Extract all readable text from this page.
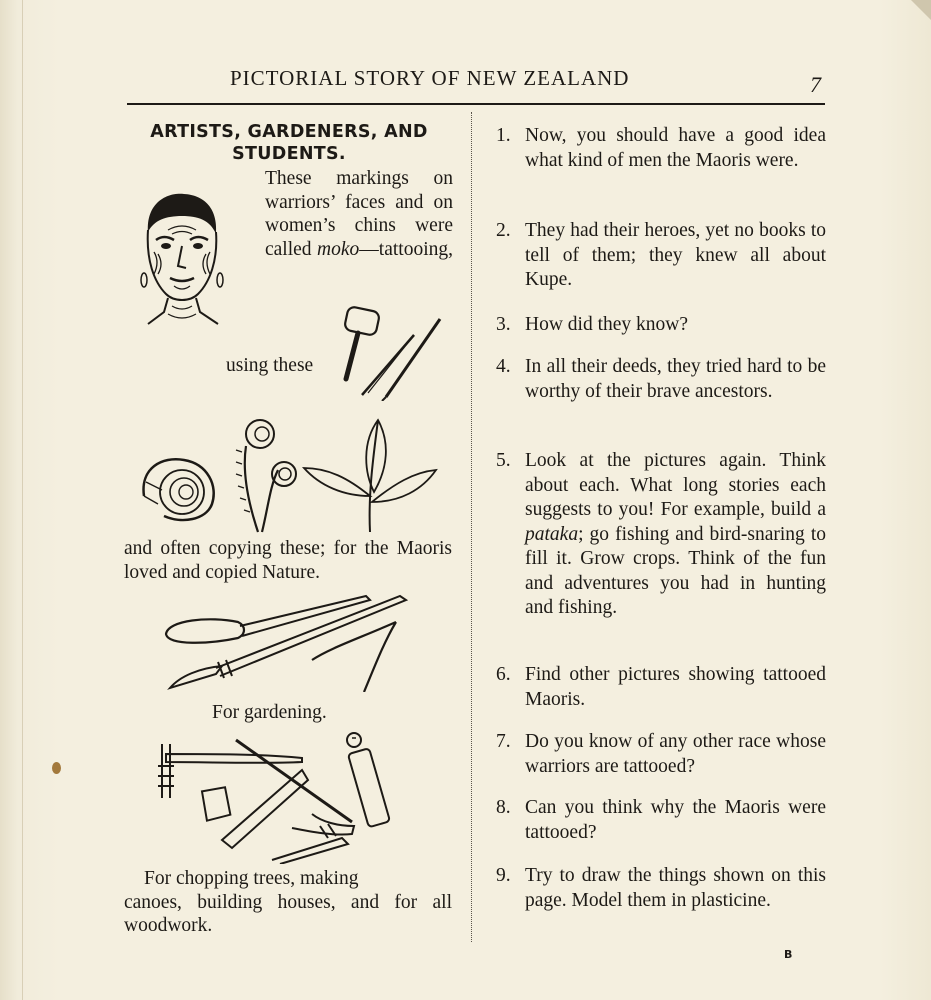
PICTORIAL STORY OF NEW ZEALAND	7
ARTISTS, GARDENERS, AND
STUDENTS.
These markings on warriors’ faces and on women’s chins were called moko—tattooing,
using these
and often copying these; for the Maoris loved and copied Nature.
For gardening.
For chopping trees, making
canoes, building houses, and for all woodwork.
1. Now, you should have a good idea what kind of men the Maoris were.
2. They had their heroes, yet no books to tell of them; they knew all about Kupe.
3. How did they know?
4. In all their deeds, they tried hard to be worthy of their brave ancestors.
5. Look at the pictures again. Think about each. What long stories each suggests to you! For example, build a pataka; go fishing and bird-snaring to fill it. Grow crops. Think of the fun and adventures you had in hunting and fishing.
6. Find other pictures showing tattooed Maoris.
7. Do you know of any other race whose warriors are tattooed?
8. Can you think why the Maoris were tattooed?
9. Try to draw the things shown on this page. Model them in plasticine.
B
